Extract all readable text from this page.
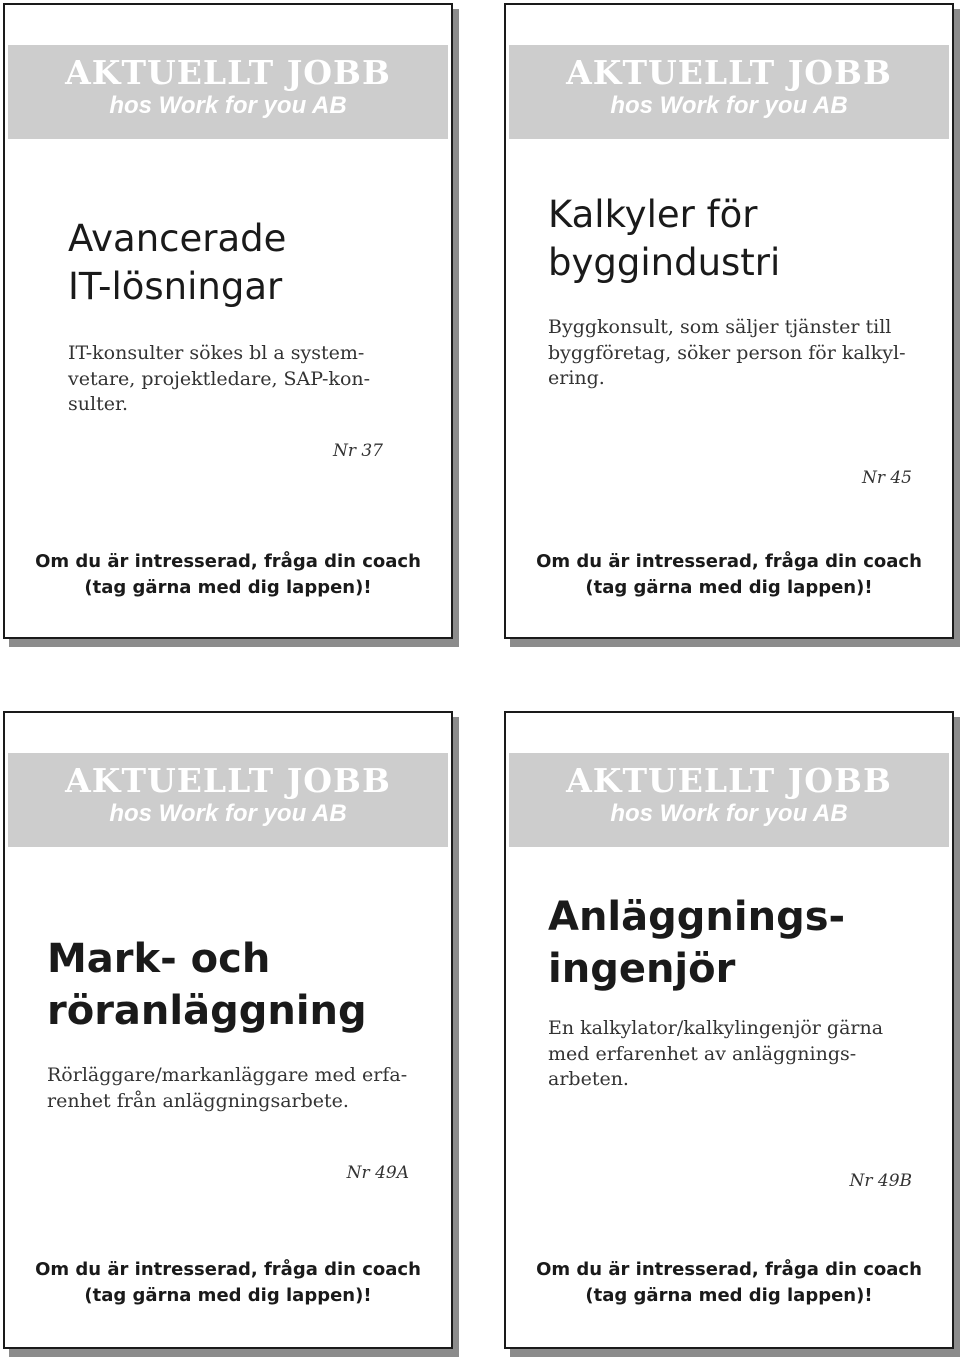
AKTUELLT JOBB
hos Work for you AB
Avancerade
IT-lösningar
IT-konsulter sökes bl a system-
vetare, projektledare, SAP-kon-
sulter.
Nr 37
Om du är intresserad, fråga din coach
(tag gärna med dig lappen)!
AKTUELLT JOBB
hos Work for you AB
Kalkyler för
byggindustri
Byggkonsult, som säljer tjänster till
byggföretag, söker person för kalkyl-
ering.
Nr 45
Om du är intresserad, fråga din coach
(tag gärna med dig lappen)!
AKTUELLT JOBB
hos Work for you AB
Mark- och
röranläggning
Rörläggare/markanläggare med erfa-
renhet från anläggningsarbete.
Nr 49A
Om du är intresserad, fråga din coach
(tag gärna med dig lappen)!
AKTUELLT JOBB
hos Work for you AB
Anläggnings-
ingenjör
En kalkylator/kalkylingenjör gärna
med erfarenhet av anläggnings-
arbeten.
Nr 49B
Om du är intresserad, fråga din coach
(tag gärna med dig lappen)!
